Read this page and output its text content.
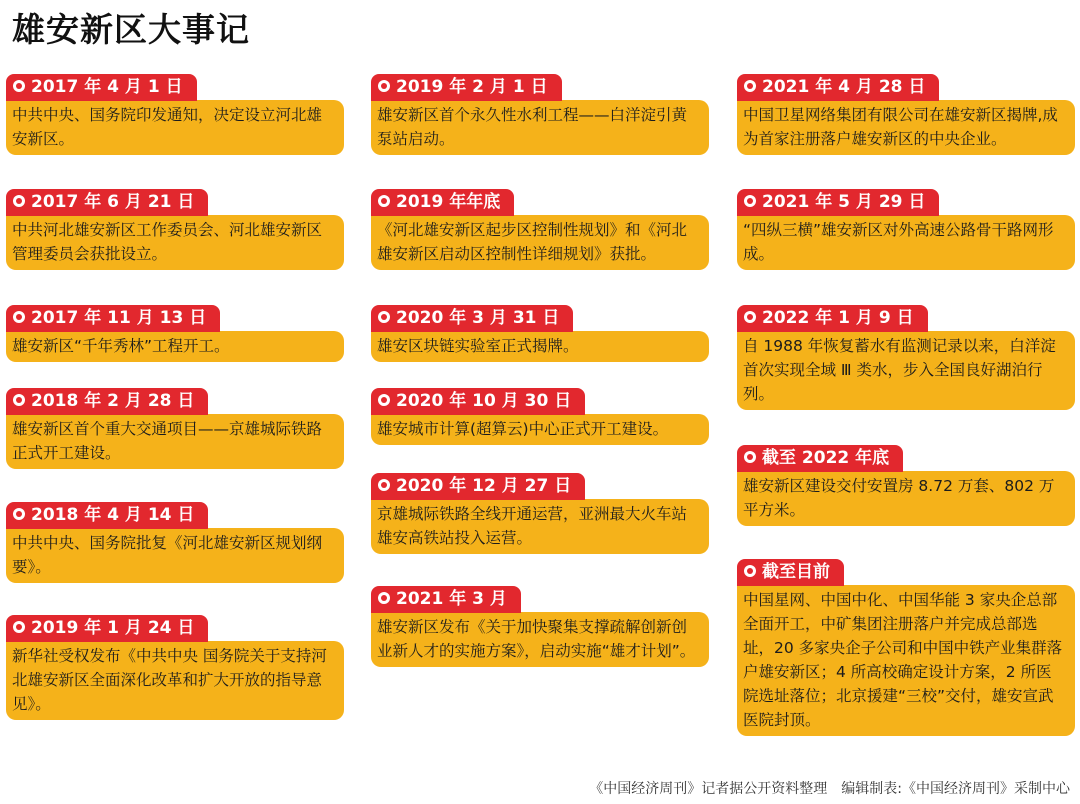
雄安新区大事记
2017 年 4 月 1 日
中共中央、国务院印发通知，决定设立河北雄安新区。
2017 年 6 月 21 日
中共河北雄安新区工作委员会、河北雄安新区管理委员会获批设立。
2017 年 11 月 13 日
雄安新区“千年秀林”工程开工。
2018 年 2 月 28 日
雄安新区首个重大交通项目——京雄城际铁路正式开工建设。
2018 年 4 月 14 日
中共中央、国务院批复《河北雄安新区规划纲要》。
2019 年 1 月 24 日
新华社受权发布《中共中央 国务院关于支持河北雄安新区全面深化改革和扩大开放的指导意见》。
2019 年 2 月 1 日
雄安新区首个永久性水利工程——白洋淀引黄泵站启动。
2019 年年底
《河北雄安新区起步区控制性规划》和《河北雄安新区启动区控制性详细规划》获批。
2020 年 3 月 31 日
雄安区块链实验室正式揭牌。
2020 年 10 月 30 日
雄安城市计算(超算云)中心正式开工建设。
2020 年 12 月 27 日
京雄城际铁路全线开通运营，亚洲最大火车站雄安高铁站投入运营。
2021 年 3 月
雄安新区发布《关于加快聚集支撑疏解创新创业新人才的实施方案》，启动实施“雄才计划”。
2021 年 4 月 28 日
中国卫星网络集团有限公司在雄安新区揭牌,成为首家注册落户雄安新区的中央企业。
2021 年 5 月 29 日
“四纵三横”雄安新区对外高速公路骨干路网形成。
2022 年 1 月 9 日
自 1988 年恢复蓄水有监测记录以来，白洋淀首次实现全域 Ⅲ 类水，步入全国良好湖泊行列。
截至 2022 年底
雄安新区建设交付安置房 8.72 万套、802 万平方米。
截至目前
中国星网、中国中化、中国华能 3 家央企总部全面开工，中矿集团注册落户并完成总部选址，20 多家央企子公司和中国中铁产业集群落户雄安新区；4 所高校确定设计方案，2 所医院选址落位；北京援建“三校”交付，雄安宣武医院封顶。
《中国经济周刊》记者据公开资料整理　编辑制表:《中国经济周刊》采制中心
